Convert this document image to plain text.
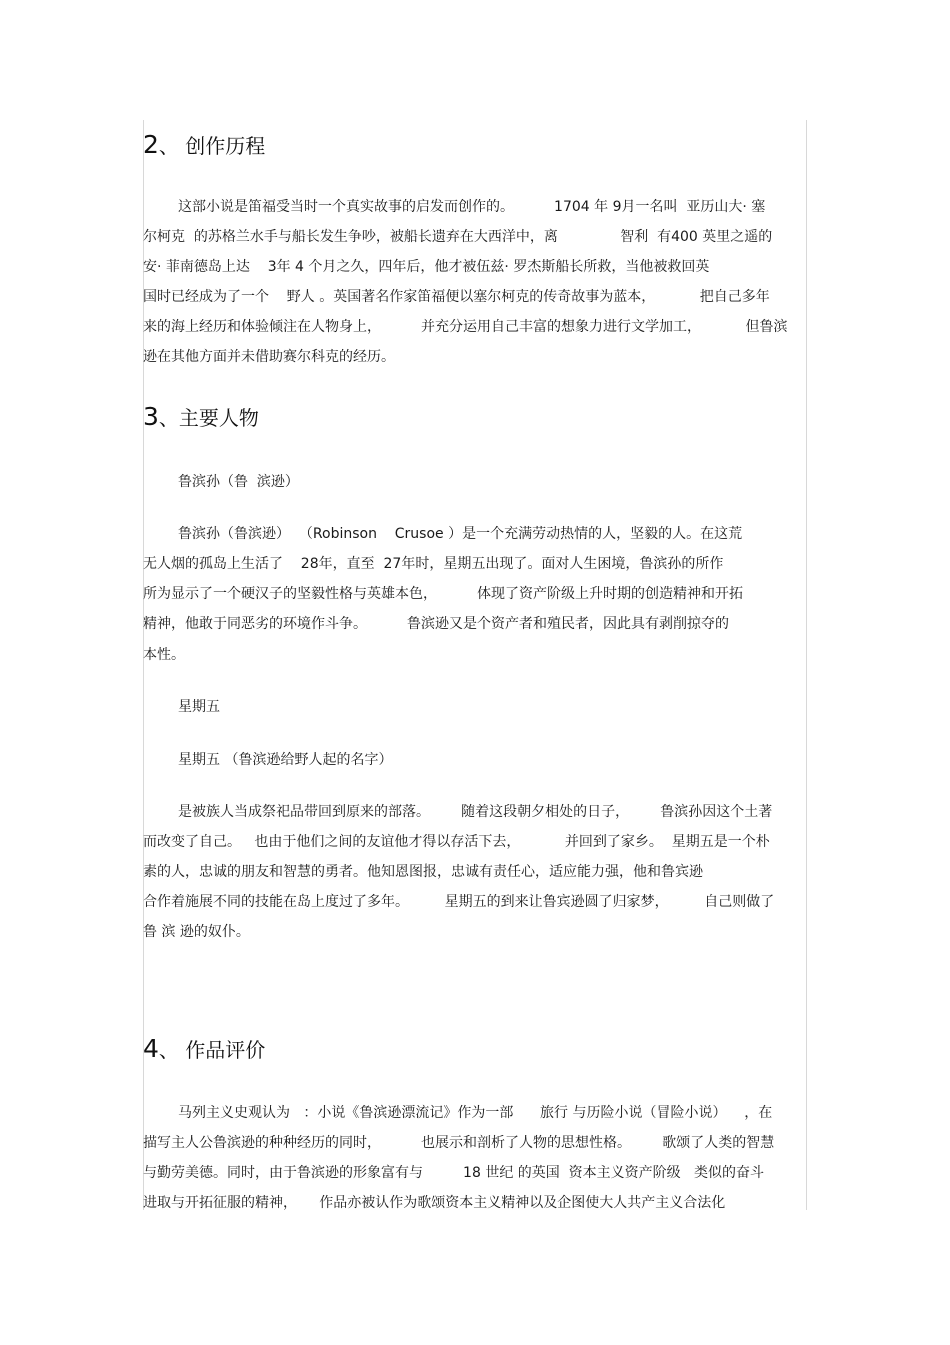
2、 创作历程

这部小说是笛福受当时一个真实故事的启发而创作的。         1704 年 9月一名叫  亚历山大· 塞

尔柯克  的苏格兰水手与船长发生争吵，被船长遗弃在大西洋中，离              智利  有400 英里之遥的

安· 菲南德岛上达    3年 4 个月之久，四年后，他才被伍兹· 罗杰斯船长所救，当他被救回英

国时已经成为了一个    野人 。英国著名作家笛福便以塞尔柯克的传奇故事为蓝本，          把自己多年

来的海上经历和体验倾注在人物身上，         并充分运用自己丰富的想象力进行文学加工，          但鲁滨

逊在其他方面并未借助赛尔科克的经历。

3、主要人物

鲁滨孙（鲁  滨逊）

鲁滨孙（鲁滨逊）  （Robinson    Crusoe ）是一个充满劳动热情的人，坚毅的人。在这荒

无人烟的孤岛上生活了    28年，直至  27年时，星期五出现了。面对人生困境，鲁滨孙的所作

所为显示了一个硬汉子的坚毅性格与英雄本色，         体现了资产阶级上升时期的创造精神和开拓

精神，他敢于同恶劣的环境作斗争。         鲁滨逊又是个资产者和殖民者，因此具有剥削掠夺的

本性。

星期五

星期五 （鲁滨逊给野人起的名字）

是被族人当成祭祀品带回到原来的部落。       随着这段朝夕相处的日子，       鲁滨孙因这个土著

而改变了自己。   也由于他们之间的友谊他才得以存活下去，          并回到了家乡。  星期五是一个朴

素的人，忠诚的朋友和智慧的勇者。他知恩图报，忠诚有责任心，适应能力强，他和鲁宾逊

合作着施展不同的技能在岛上度过了多年。        星期五的到来让鲁宾逊圆了归家梦，        自己则做了

鲁 滨 逊的奴仆。

4、 作品评价

马列主义史观认为   ：小说《鲁滨逊漂流记》作为一部      旅行 与历险小说（冒险小说）    ，在

描写主人公鲁滨逊的种种经历的同时，         也展示和剖析了人物的思想性格。       歌颂了人类的智慧

与勤劳美德。同时，由于鲁滨逊的形象富有与         18 世纪 的英国  资本主义资产阶级   类似的奋斗

进取与开拓征服的精神，     作品亦被认作为歌颂资本主义精神以及企图使大人共产主义合法化
